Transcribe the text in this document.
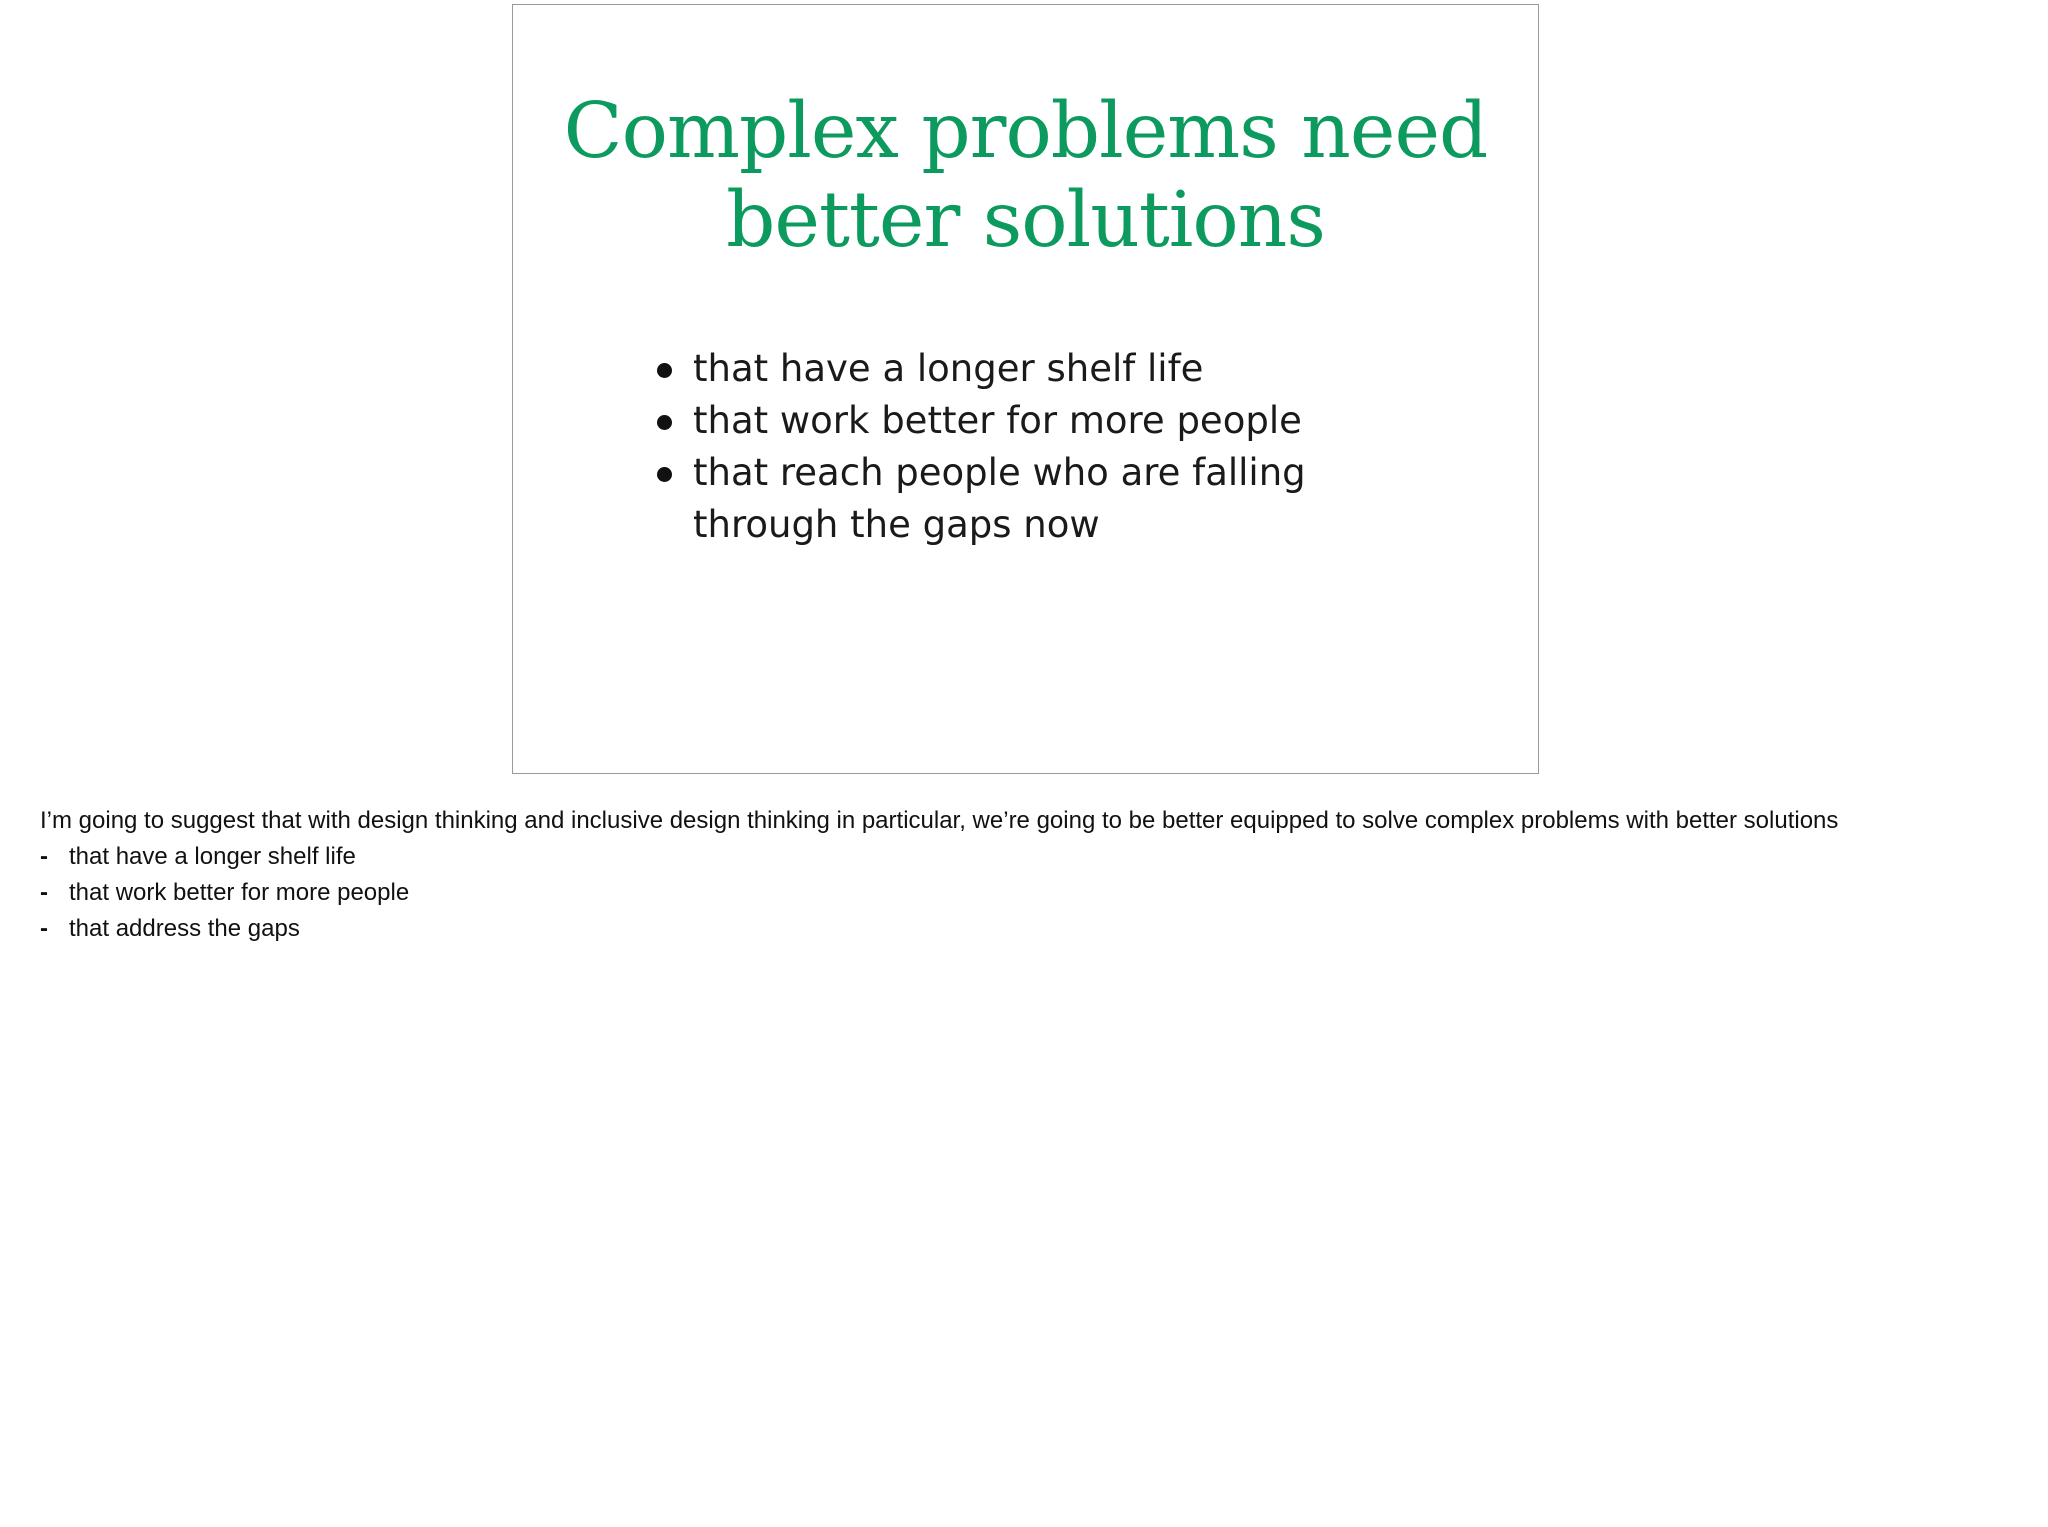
Complex problems need
better solutions
that have a longer shelf life
that work better for more people
that reach people who are falling through the gaps now

I’m going to suggest that with design thinking and inclusive design thinking in particular, we’re going to be better equipped to solve complex problems with better solutions

- that have a longer shelf life
- that work better for more people
- that address the gaps
